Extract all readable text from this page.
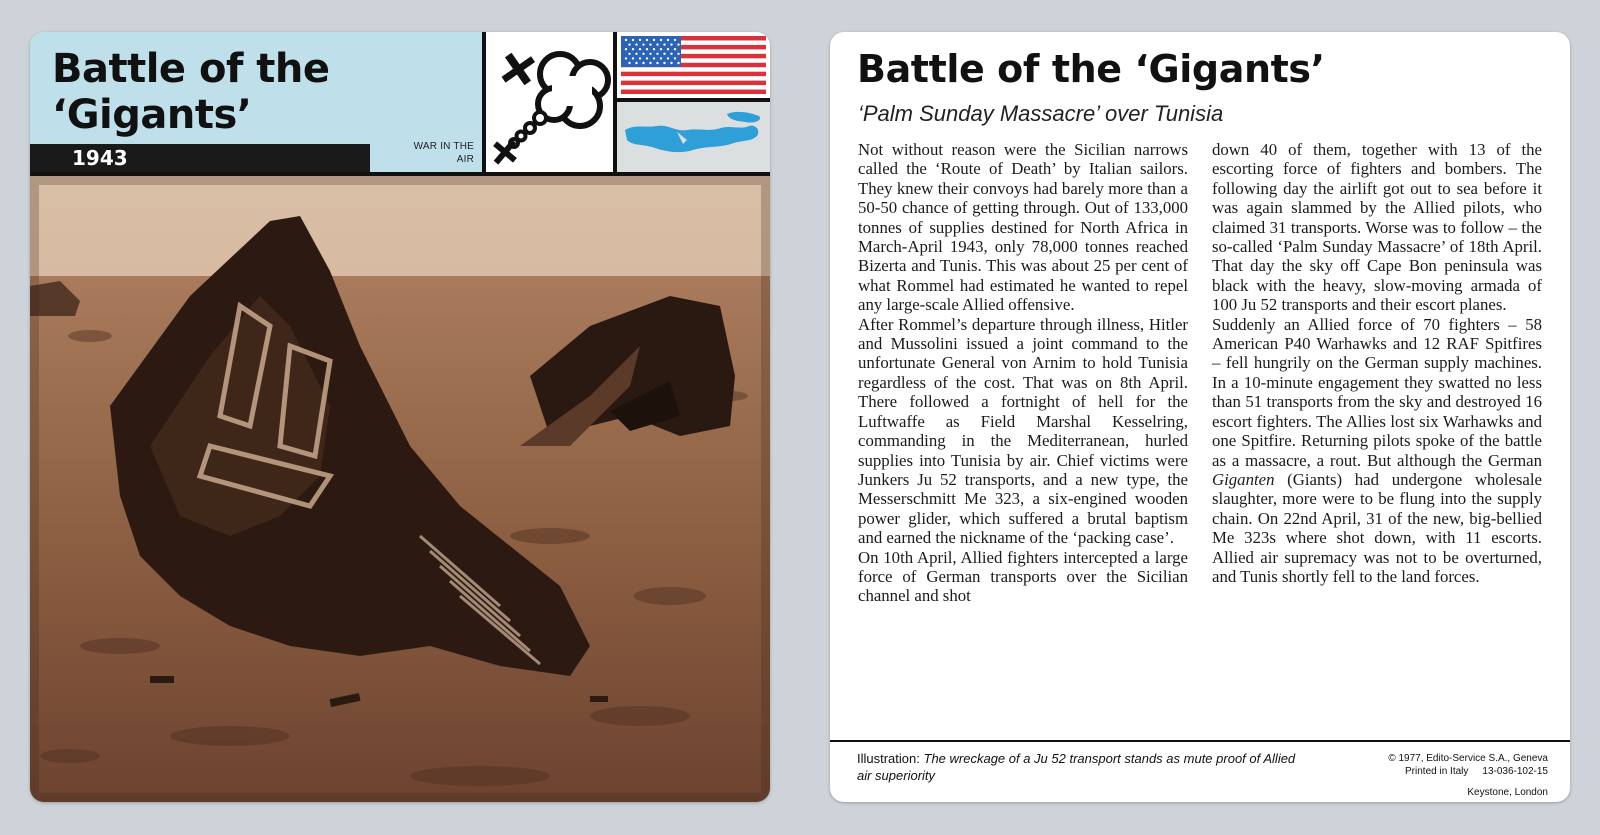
Battle of the
‘Gigants’
1943	WAR IN THE
AIR
Battle of the ‘Gigants’
‘Palm Sunday Massacre’ over Tunisia

Not without reason were the Sicilian narrows called the ‘Route of Death’ by Italian sailors. They knew their convoys had barely more than a 50-50 chance of getting through. Out of 133,000 tonnes of supplies destined for North Africa in March-April 1943, only 78,000 tonnes reached Bizerta and Tunis. This was about 25 per cent of what Rommel had estimated he wanted to repel any large-scale Allied offensive.

After Rommel’s departure through illness, Hitler and Mussolini issued a joint command to the unfortunate General von Arnim to hold Tunisia regardless of the cost. That was on 8th April. There followed a fortnight of hell for the Luftwaffe as Field Marshal Kesselring, commanding in the Mediterranean, hurled supplies into Tunisia by air. Chief victims were Junkers Ju 52 transports, and a new type, the Messerschmitt Me 323, a six-engined wooden power glider, which suffered a brutal baptism and earned the nickname of the ‘packing case’.

On 10th April, Allied fighters intercepted a large force of German transports over the Sicilian channel and shot

down 40 of them, together with 13 of the escorting force of fighters and bombers. The following day the airlift got out to sea before it was again slammed by the Allied pilots, who claimed 31 transports. Worse was to follow – the so-called ‘Palm Sunday Massacre’ of 18th April. That day the sky off Cape Bon peninsula was black with the heavy, slow-moving armada of 100 Ju 52 transports and their escort planes.

Suddenly an Allied force of 70 fighters – 58 American P40 Warhawks and 12 RAF Spitfires – fell hungrily on the German supply machines. In a 10-minute engagement they swatted no less than 51 transports from the sky and destroyed 16 escort fighters. The Allies lost six Warhawks and one Spitfire. Returning pilots spoke of the battle as a massacre, a rout. But although the German Giganten (Giants) had undergone wholesale slaughter, more were to be flung into the supply chain. On 22nd April, 31 of the new, big-bellied Me 323s where shot down, with 11 escorts. Allied air supremacy was not to be overturned, and Tunis shortly fell to the land forces.

Illustration: The wreckage of a Ju 52 transport stands as mute proof of Allied air superiority
© 1977, Edito-Service S.A., Geneva
Printed in Italy 13-036-102-15
Keystone, London
